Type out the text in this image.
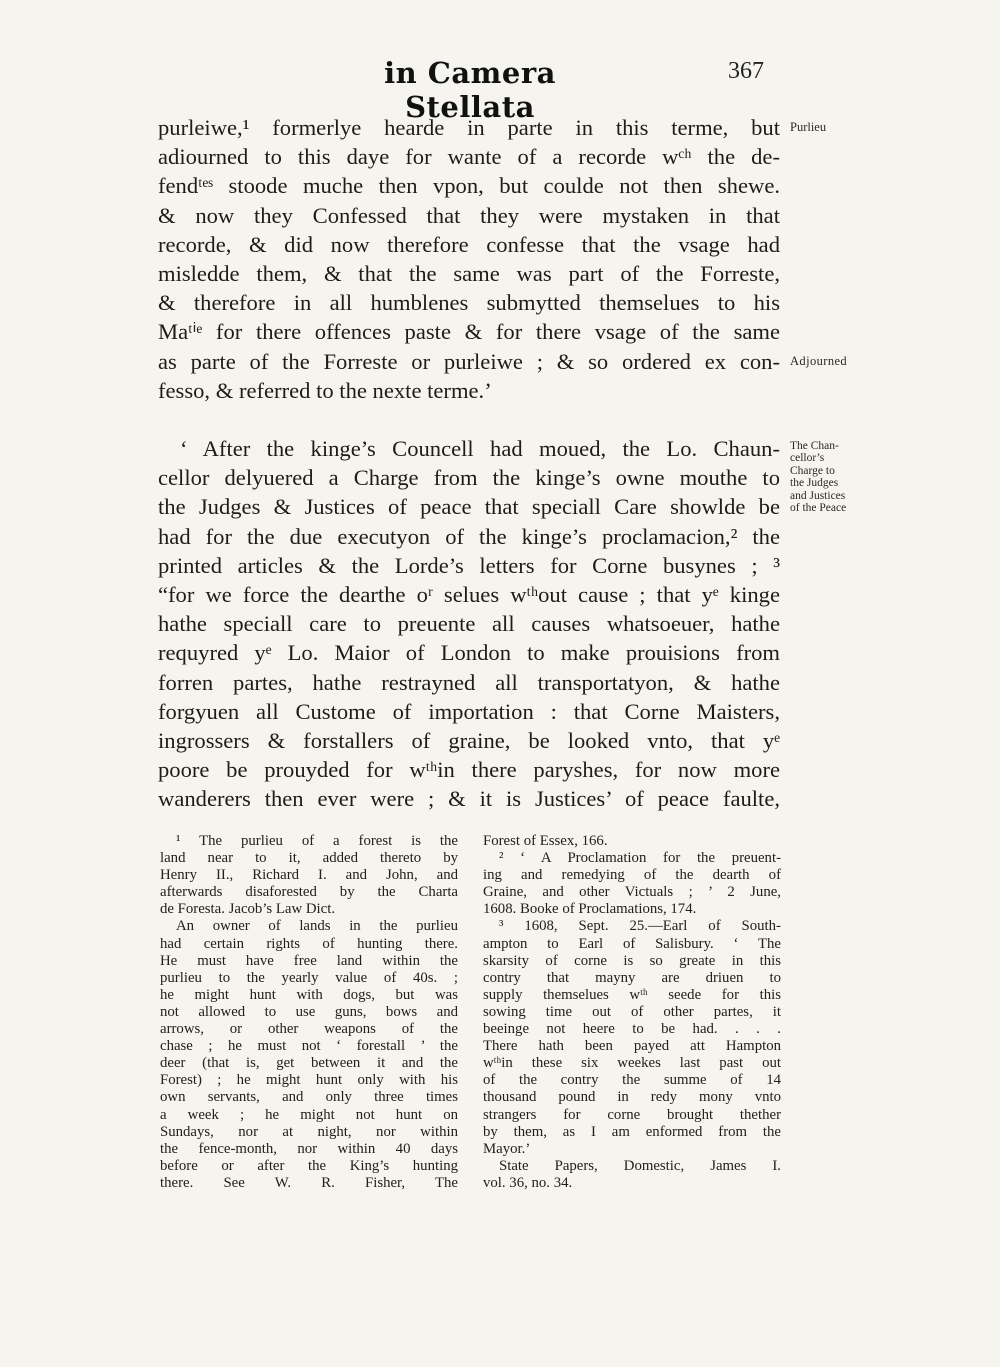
in Camera Stellata
367
purleiwe,¹ formerlye hearde in parte in this terme, but
adiourned to this daye for wante of a recorde wᶜʰ the de-
fendᵗᵉˢ stoode muche then vpon, but coulde not then shewe.
& now they Confessed that they were mystaken in that
recorde, & did now therefore confesse that the vsage had
misledde them, & that the same was part of the Forreste,
& therefore in all humblenes submytted themselues to his
Maᵗⁱᵉ for there offences paste & for there vsage of the same
as parte of the Forreste or purleiwe ; & so ordered ex con-
fesso, & referred to the nexte terme.’
‘ After the kinge’s Councell had moued, the Lo. Chaun-
cellor delyuered a Charge from the kinge’s owne mouthe to
the Judges & Justices of peace that speciall Care showlde be
had for the due executyon of the kinge’s proclamacion,² the
printed articles & the Lorde’s letters for Corne busynes ; ³
“for we force the dearthe oʳ selues wᵗʰout cause ; that yᵉ kinge
hathe speciall care to preuente all causes whatsoeuer, hathe
requyred yᵉ Lo. Maior of London to make prouisions from
forren partes, hathe restrayned all transportatyon, & hathe
forgyuen all Custome of importation : that Corne Maisters,
ingrossers & forstallers of graine, be looked vnto, that yᵉ
poore be prouyded for wᵗʰin there paryshes, for now more
wanderers then ever were ; & it is Justices’ of peace faulte,
Purlieu
Adjourned
The Chan-
cellor’s
Charge to
the Judges
and Justices
of the Peace
¹ The purlieu of a forest is the
land near to it, added thereto by
Henry II., Richard I. and John, and
afterwards disaforested by the Charta
de Foresta. Jacob’s Law Dict.
An owner of lands in the purlieu
had certain rights of hunting there.
He must have free land within the
purlieu to the yearly value of 40s. ;
he might hunt with dogs, but was
not allowed to use guns, bows and
arrows, or other weapons of the
chase ; he must not ‘ forestall ’ the
deer (that is, get between it and the
Forest) ; he might hunt only with his
own servants, and only three times
a week ; he might not hunt on
Sundays, nor at night, nor within
the fence-month, nor within 40 days
before or after the King’s hunting
there. See W. R. Fisher, The
Forest of Essex, 166.
² ‘ A Proclamation for the preuent-
ing and remedying of the dearth of
Graine, and other Victuals ; ’ 2 June,
1608. Booke of Proclamations, 174.
³ 1608, Sept. 25.—Earl of South-
ampton to Earl of Salisbury. ‘ The
skarsity of corne is so greate in this
contry that mayny are driuen to
supply themselues wᵗʰ seede for this
sowing time out of other partes, it
beeinge not heere to be had. . . .
There hath been payed att Hampton
wᵗʰin these six weekes last past out
of the contry the summe of 14
thousand pound in redy mony vnto
strangers for corne brought thether
by them, as I am enformed from the
Mayor.’
State Papers, Domestic, James I.
vol. 36, no. 34.
